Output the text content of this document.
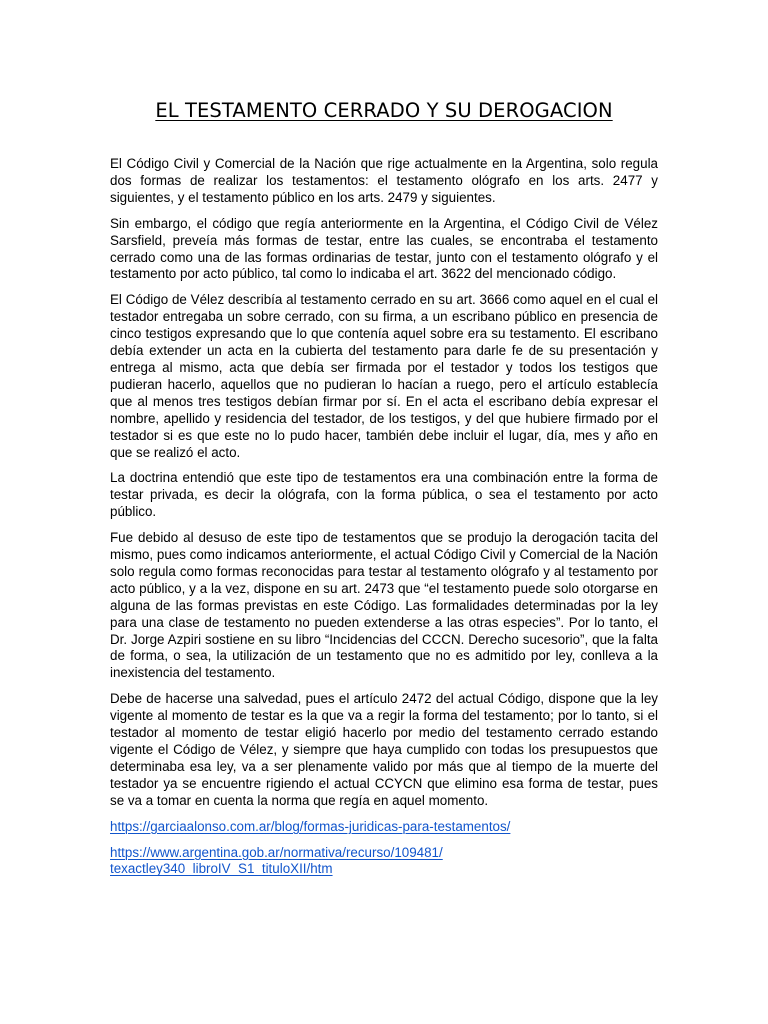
EL TESTAMENTO CERRADO Y SU DEROGACION

El Código Civil y Comercial de la Nación que rige actualmente en la Argentina, solo regula dos formas de realizar los testamentos: el testamento ológrafo en los arts. 2477 y siguientes, y el testamento público en los arts. 2479 y siguientes.

Sin embargo, el código que regía anteriormente en la Argentina, el Código Civil de Vélez Sarsfield, preveía más formas de testar, entre las cuales, se encontraba el testamento cerrado como una de las formas ordinarias de testar, junto con el testamento ológrafo y el testamento por acto público, tal como lo indicaba el art. 3622 del mencionado código.

El Código de Vélez describía al testamento cerrado en su art. 3666 como aquel en el cual el testador entregaba un sobre cerrado, con su firma, a un escribano público en presencia de cinco testigos expresando que lo que contenía aquel sobre era su testamento. El escribano debía extender un acta en la cubierta del testamento para darle fe de su presentación y entrega al mismo, acta que debía ser firmada por el testador y todos los testigos que pudieran hacerlo, aquellos que no pudieran lo hacían a ruego, pero el artículo establecía que al menos tres testigos debían firmar por sí. En el acta el escribano debía expresar el nombre, apellido y residencia del testador, de los testigos, y del que hubiere firmado por el testador si es que este no lo pudo hacer, también debe incluir el lugar, día, mes y año en que se realizó el acto.

La doctrina entendió que este tipo de testamentos era una combinación entre la forma de testar privada, es decir la ológrafa, con la forma pública, o sea el testamento por acto público.

Fue debido al desuso de este tipo de testamentos que se produjo la derogación tacita del mismo, pues como indicamos anteriormente, el actual Código Civil y Comercial de la Nación solo regula como formas reconocidas para testar al testamento ológrafo y al testamento por acto público, y a la vez, dispone en su art. 2473 que “el testamento puede solo otorgarse en alguna de las formas previstas en este Código. Las formalidades determinadas por la ley para una clase de testamento no pueden extenderse a las otras especies”. Por lo tanto, el Dr. Jorge Azpiri sostiene en su libro “Incidencias del CCCN. Derecho sucesorio”, que la falta de forma, o sea, la utilización de un testamento que no es admitido por ley, conlleva a la inexistencia del testamento.

Debe de hacerse una salvedad, pues el artículo 2472 del actual Código, dispone que la ley vigente al momento de testar es la que va a regir la forma del testamento; por lo tanto, si el testador al momento de testar eligió hacerlo por medio del testamento cerrado estando vigente el Código de Vélez, y siempre que haya cumplido con todas los presupuestos que determinaba esa ley, va a ser plenamente valido por más que al tiempo de la muerte del testador ya se encuentre rigiendo el actual CCYCN que elimino esa forma de testar, pues se va a tomar en cuenta la norma que regía en aquel momento.

https://garciaalonso.com.ar/blog/formas-juridicas-para-testamentos/
https://www.argentina.gob.ar/normativa/recurso/109481/
texactley340_libroIV_S1_tituloXII/htm
